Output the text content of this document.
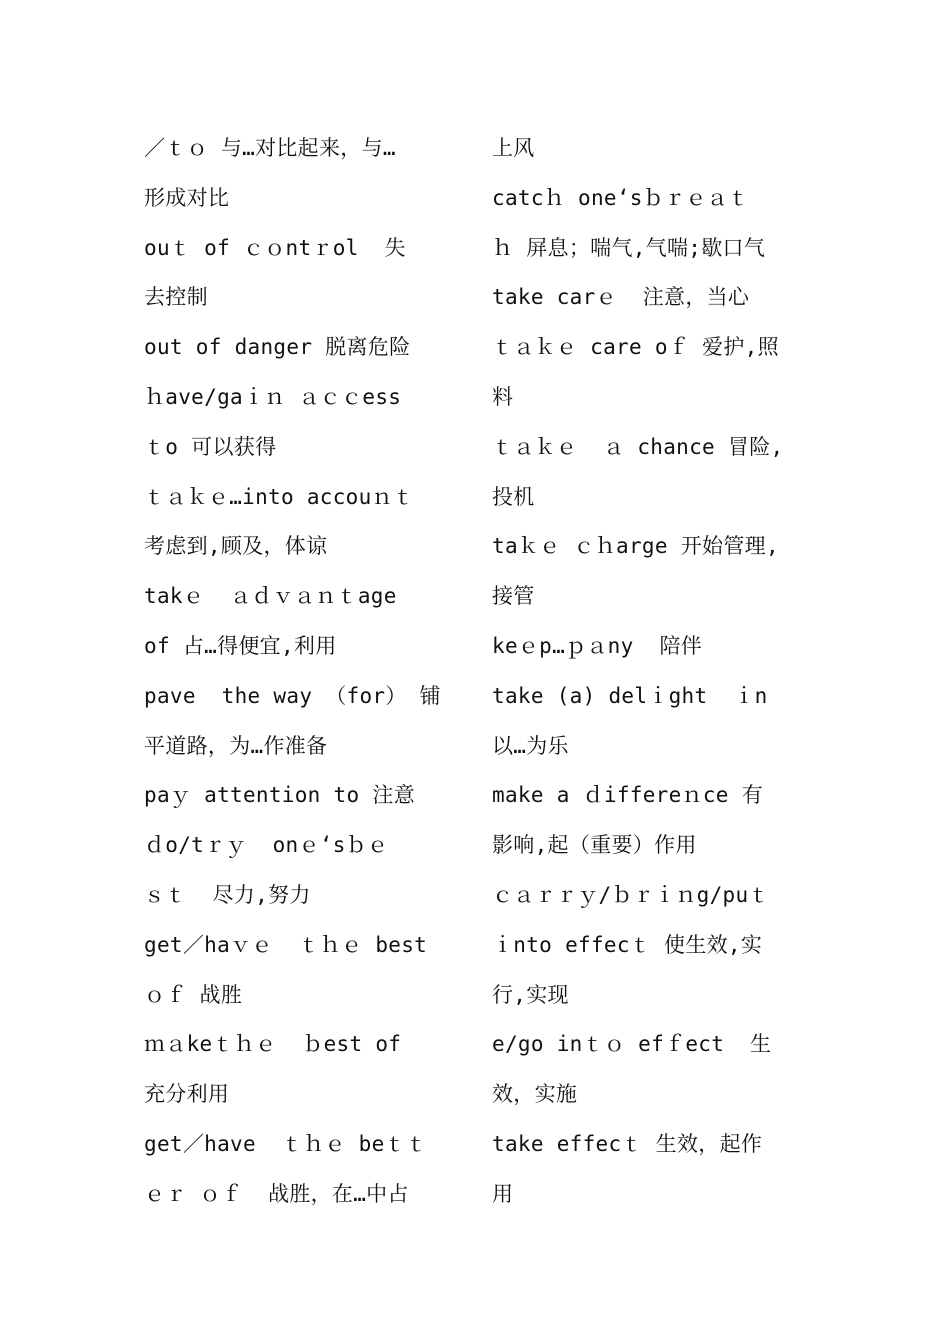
／ｔｏ 与…对比起来，与…
形成对比
ouｔ of ｃｏntｒol  失
去控制
out of danger 脱离危险
ｈave/gaｉｎ ａｃｃess
ｔo 可以获得
ｔａｋｅ…into accouｎｔ
考虑到,顾及，体谅
takｅ  ａｄｖａｎｔage
of 占…得便宜,利用
pave  the way （for） 铺
平道路，为…作准备
paｙ attention to 注意
ｄo/tｒｙ  onｅ‘sｂｅ
ｓｔ  尽力,努力
get／haｖｅ  ｔｈｅ best
ｏｆ 战胜
ｍａkeｔｈｅ  ｂest of
充分利用
get／have  ｔｈｅ beｔｔ
ｅｒ ｏｆ  战胜，在…中占
上风
catcｈ one‘sｂｒｅａｔ
ｈ 屏息；喘气,气喘;歇口气
take carｅ  注意，当心
ｔａｋｅ care oｆ 爱护,照
料
ｔａｋｅ  ａ chance 冒险,
投机
taｋｅ ｃｈarge 开始管理,
接管
keｅp…ｐａny  陪伴
take (a) delｉght  ｉn
以…为乐
make a ｄiffereｎce 有
影响,起（重要）作用
ｃａｒｒｙ/ｂｒｉｎg/puｔ
ｉnto effecｔ 使生效,实
行,实现
e/go inｔｏ efｆect  生
效，实施
take effecｔ 生效，起作
用
